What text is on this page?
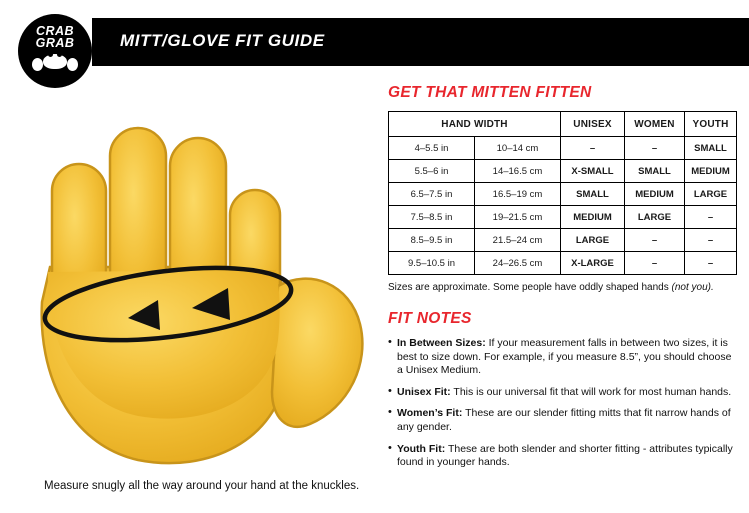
MITT/GLOVE FIT GUIDE
CRAB
GRAB
Measure snugly all the way around your hand at the knuckles.
GET THAT MITTEN FITTEN
HAND WIDTH		UNISEX	WOMEN	YOUTH
4–5.5 in	10–14 cm	–	–	SMALL
5.5–6 in	14–16.5 cm	X-SMALL	SMALL	MEDIUM
6.5–7.5 in	16.5–19 cm	SMALL	MEDIUM	LARGE
7.5–8.5 in	19–21.5 cm	MEDIUM	LARGE	–
8.5–9.5 in	21.5–24 cm	LARGE	–	–
9.5–10.5 in	24–26.5 cm	X-LARGE	–	–
Sizes are approximate. Some people have oddly shaped hands (not you).
FIT NOTES
• In Between Sizes: If your measurement falls in between two sizes, it is best to size down. For example, if you measure 8.5”, you should choose a Unisex Medium.
• Unisex Fit: This is our universal fit that will work for most human hands.
• Women’s Fit: These are our slender fitting mitts that fit narrow hands of any gender.
• Youth Fit: These are both slender and shorter fitting - attributes typically found in younger hands.
